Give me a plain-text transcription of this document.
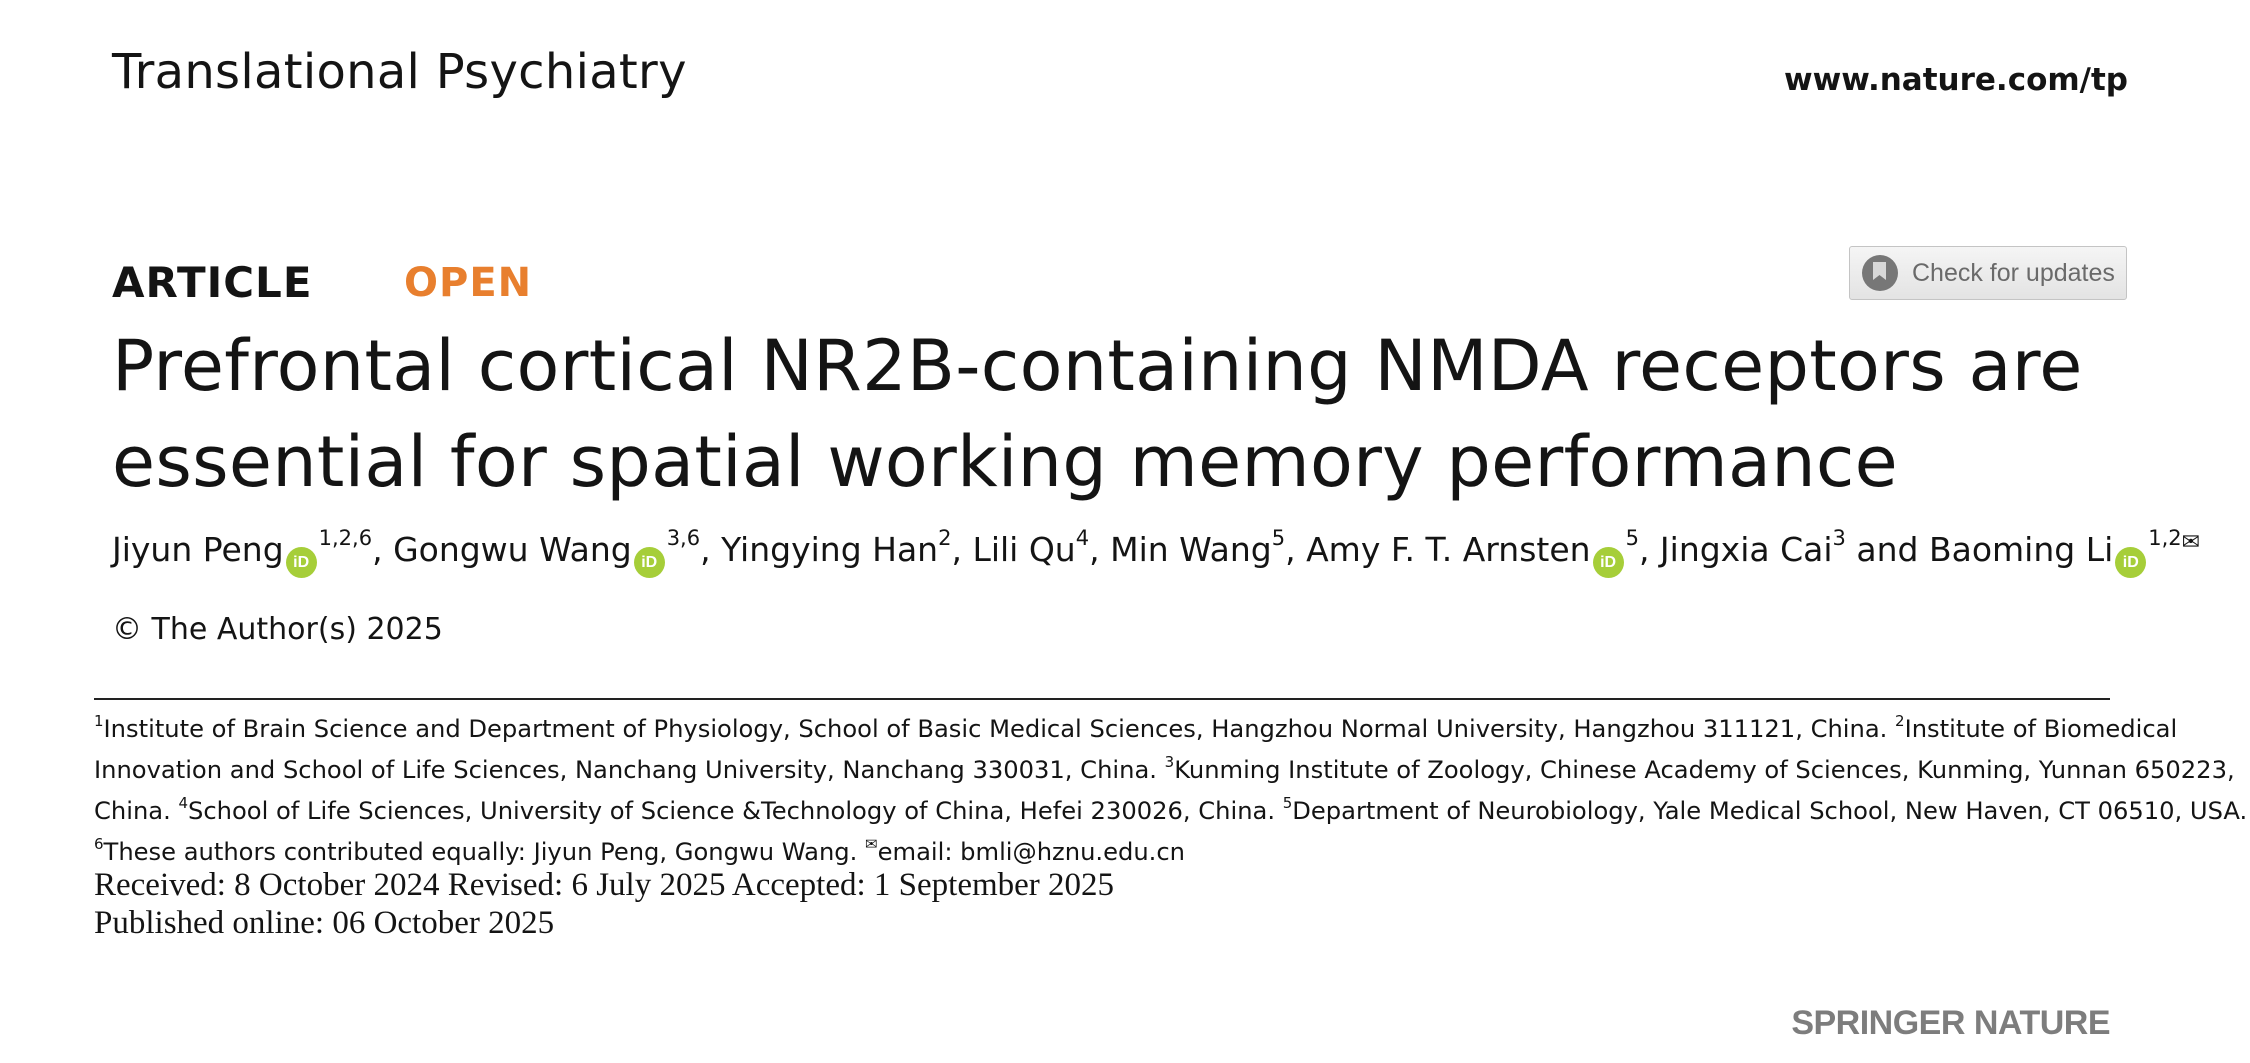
Translational Psychiatry	www.nature.com/tp
ARTICLE OPEN	Check for updates
Prefrontal cortical NR2B-containing NMDA receptors are
essential for spatial working memory performance
Jiyun Peng iD$^{1,2,6}$, Gongwu Wang iD$^{3,6}$, Yingying Han$^2$, Lili Qu$^4$, Min Wang$^5$, Amy F. T. Arnsten $iD^5$, Jingxia Cai$^3$ and Baoming Li $iD^{1,2✉}$
© The Author(s) 2025
$^1$Institute of Brain Science and Department of Physiology, School of Basic Medical Sciences, Hangzhou Normal University, Hangzhou 311121, China. $^2$Institute of Biomedical
Innovation and School of Life Sciences, Nanchang University, Nanchang 330031, China. $^3$Kunming Institute of Zoology, Chinese Academy of Sciences, Kunming, Yunnan 650223,
China. $^4$School of Life Sciences, University of Science &Technology of China, Hefei 230026, China. $^5$Department of Neurobiology, Yale Medical School, New Haven, CT 06510, USA.
$^6$These authors contributed equally: Jiyun Peng, Gongwu Wang. ✉email: bmli@hznu.edu.cn
Received: 8 October 2024 Revised: 6 July 2025 Accepted: 1 September 2025
Published online: 06 October 2025
SPRINGER NATURE
